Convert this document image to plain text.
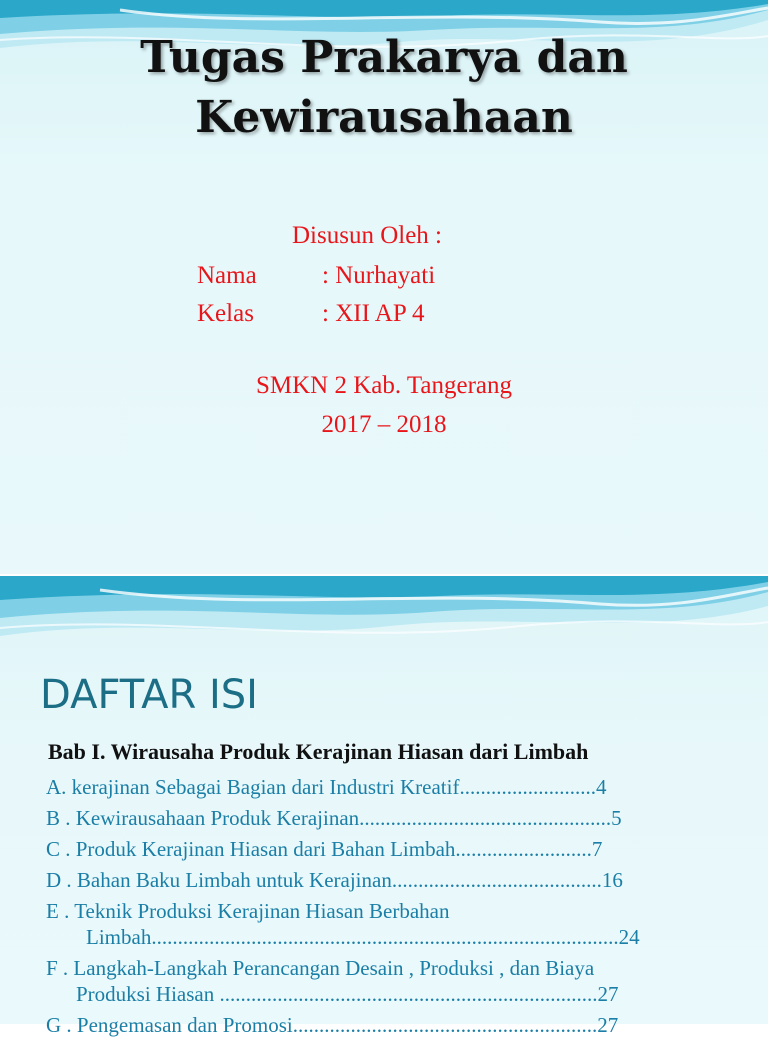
Tugas Prakarya dan
Kewirausahaan
Disusun Oleh :
Nama	: Nurhayati
Kelas	: XII AP 4
SMKN 2 Kab. Tangerang
2017 – 2018
DAFTAR ISI
Bab I. Wirausaha Produk Kerajinan Hiasan dari Limbah
A. kerajinan Sebagai Bagian dari Industri Kreatif..........................4
B . Kewirausahaan Produk Kerajinan................................................5
C . Produk Kerajinan Hiasan dari Bahan Limbah..........................7
D . Bahan Baku Limbah untuk Kerajinan........................................16
E . Teknik Produksi Kerajinan Hiasan Berbahan
Limbah.........................................................................................24
F . Langkah-Langkah Perancangan Desain , Produksi , dan Biaya
Produksi Hiasan ........................................................................27
G . Pengemasan dan Promosi..........................................................27
